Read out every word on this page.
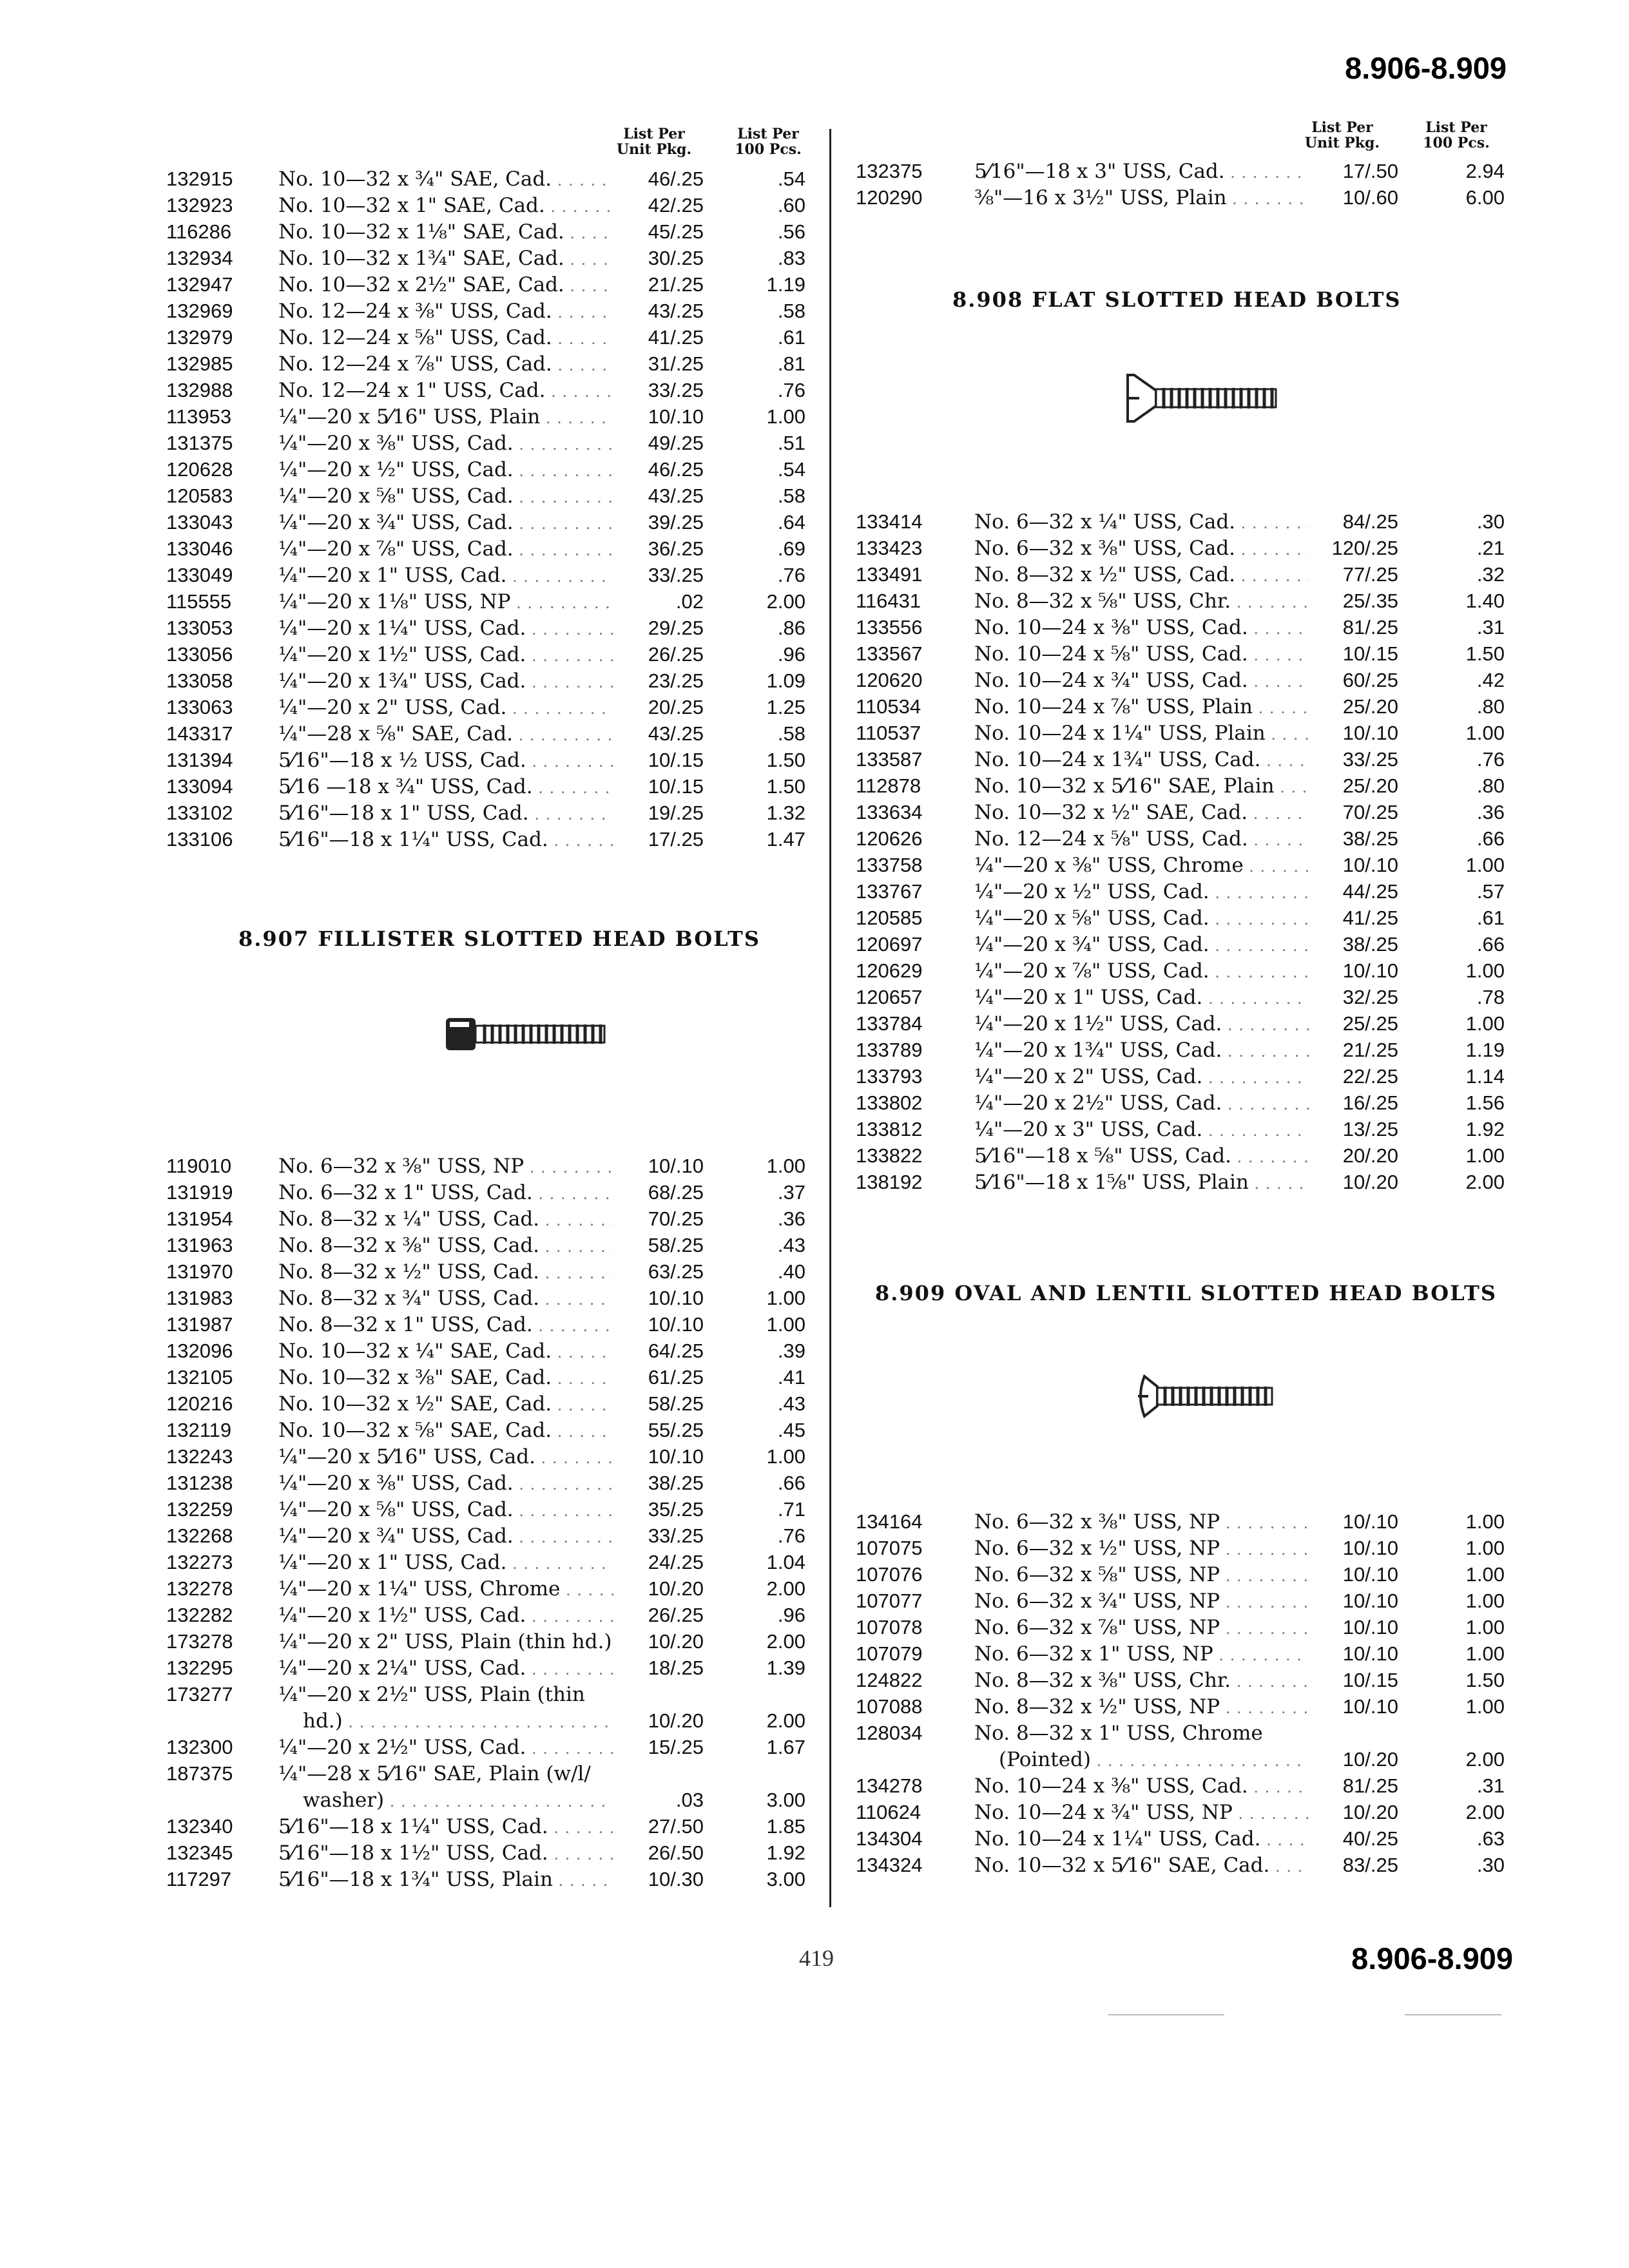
8.906-8.909
List Per
Unit Pkg.
List Per
100 Pcs.
List Per
Unit Pkg.
List Per
100 Pcs.
132915 No. 10—32 x ¾" SAE, Cad. . . .	46/.25	.54
132923 No. 10—32 x 1" SAE, Cad. . . .	42/.25	.60
116286 No. 10—32 x 1⅛" SAE, Cad. . . .	45/.25	.56
132934 No. 10—32 x 1¾" SAE, Cad. . . .	30/.25	.83
132947 No. 10—32 x 2½" SAE, Cad. . . .	21/.25	1.19
132969 No. 12—24 x ⅜" USS, Cad. . . .	43/.25	.58
132979 No. 12—24 x ⅝" USS, Cad. . . .	41/.25	.61
132985 No. 12—24 x ⅞" USS, Cad. . . .	31/.25	.81
132988 No. 12—24 x 1" USS, Cad. . . .	33/.25	.76
113953 ¼"—20 x 5⁄16" USS, Plain . . .	10/.10	1.00
131375 ¼"—20 x ⅜" USS, Cad. . . .	49/.25	.51
120628 ¼"—20 x ½" USS, Cad. . . .	46/.25	.54
120583 ¼"—20 x ⅝" USS, Cad. . . .	43/.25	.58
133043 ¼"—20 x ¾" USS, Cad. . . .	39/.25	.64
133046 ¼"—20 x ⅞" USS, Cad. . . .	36/.25	.69
133049 ¼"—20 x 1" USS, Cad. . . .	33/.25	.76
115555 ¼"—20 x 1⅛" USS, NP . . .	.02	2.00
133053 ¼"—20 x 1¼" USS, Cad. . . .	29/.25	.86
133056 ¼"—20 x 1½" USS, Cad. . . .	26/.25	.96
133058 ¼"—20 x 1¾" USS, Cad. . . .	23/.25	1.09
133063 ¼"—20 x 2" USS, Cad. . . .	20/.25	1.25
143317 ¼"—28 x ⅝" SAE, Cad. . . .	43/.25	.58
131394 5⁄16"—18 x ½ USS, Cad. . . .	10/.15	1.50
133094 5⁄16 —18 x ¾" USS, Cad. . . .	10/.15	1.50
133102 5⁄16"—18 x 1" USS, Cad. . . .	19/.25	1.32
133106 5⁄16"—18 x 1¼" USS, Cad. . . .	17/.25	1.47
119010 No. 6—32 x ⅜" USS, NP . . .	10/.10	1.00
131919 No. 6—32 x 1" USS, Cad. . . .	68/.25	.37
131954 No. 8—32 x ¼" USS, Cad. . . .	70/.25	.36
131963 No. 8—32 x ⅜" USS, Cad. . . .	58/.25	.43
131970 No. 8—32 x ½" USS, Cad. . . .	63/.25	.40
131983 No. 8—32 x ¾" USS, Cad. . . .	10/.10	1.00
131987 No. 8—32 x 1" USS, Cad. . . .	10/.10	1.00
132096 No. 10—32 x ¼" SAE, Cad. . . .	64/.25	.39
132105 No. 10—32 x ⅜" SAE, Cad. . . .	61/.25	.41
120216 No. 10—32 x ½" SAE, Cad. . . .	58/.25	.43
132119 No. 10—32 x ⅝" SAE, Cad. . . .	55/.25	.45
132243 ¼"—20 x 5⁄16" USS, Cad. . . .	10/.10	1.00
131238 ¼"—20 x ⅜" USS, Cad. . . .	38/.25	.66
132259 ¼"—20 x ⅝" USS, Cad. . . .	35/.25	.71
132268 ¼"—20 x ¾" USS, Cad. . . .	33/.25	.76
132273 ¼"—20 x 1" USS, Cad. . . .	24/.25	1.04
132278 ¼"—20 x 1¼" USS, Chrome . . .	10/.20	2.00
132282 ¼"—20 x 1½" USS, Cad. . . .	26/.25	.96
173278 ¼"—20 x 2" USS, Plain (thin hd.) . . . 10/.20	2.00
132295 ¼"—20 x 2¼" USS, Cad. . . .	18/.25	1.39
173277 ¼"—20 x 2½" USS, Plain (thin
hd.) . . .	10/.20	2.00
132300 ¼"—20 x 2½" USS, Cad. . . .	15/.25	1.67
187375 ¼"—28 x 5⁄16" SAE, Plain (w/l/
washer) . . .	.03	3.00
132340 5⁄16"—18 x 1¼" USS, Cad. . . .	27/.50	1.85
132345 5⁄16"—18 x 1½" USS, Cad. . . .	26/.50	1.92
117297 5⁄16"—18 x 1¾" USS, Plain . . .	10/.30	3.00
132375	5⁄16"—18 x 3" USS, Cad. . . .	17/.50	2.94
120290	⅜"—16 x 3½" USS, Plain . . .	10/.60	6.00
133414	No. 6—32 x ¼" USS, Cad. . . .	84/.25	.30
133423	No. 6—32 x ⅜" USS, Cad. . . .	120/.25	.21
133491	No. 8—32 x ½" USS, Cad. . . .	77/.25	.32
116431	No. 8—32 x ⅝" USS, Chr. . . .	25/.35	1.40
133556	No. 10—24 x ⅜" USS, Cad. . . .	81/.25	.31
133567	No. 10—24 x ⅝" USS, Cad. . . .	10/.15	1.50
120620	No. 10—24 x ¾" USS, Cad. . . .	60/.25	.42
110534	No. 10—24 x ⅞" USS, Plain . . .	25/.20	.80
110537	No. 10—24 x 1¼" USS, Plain . . .	10/.10	1.00
133587	No. 10—24 x 1¾" USS, Cad. . . .	33/.25	.76
112878	No. 10—32 x 5⁄16" SAE, Plain . . .	25/.20	.80
133634	No. 10—32 x ½" SAE, Cad. . . .	70/.25	.36
120626	No. 12—24 x ⅝" USS, Cad. . . .	38/.25	.66
133758	¼"—20 x ⅜" USS, Chrome . . .	10/.10	1.00
133767	¼"—20 x ½" USS, Cad. . . .	44/.25	.57
120585	¼"—20 x ⅝" USS, Cad. . . .	41/.25	.61
120697	¼"—20 x ¾" USS, Cad. . . .	38/.25	.66
120629	¼"—20 x ⅞" USS, Cad. . . .	10/.10	1.00
120657	¼"—20 x 1" USS, Cad. . . .	32/.25	.78
133784	¼"—20 x 1½" USS, Cad. . . .	25/.25	1.00
133789	¼"—20 x 1¾" USS, Cad. . . .	21/.25	1.19
133793	¼"—20 x 2" USS, Cad. . . .	22/.25	1.14
133802	¼"—20 x 2½" USS, Cad. . . .	16/.25	1.56
133812	¼"—20 x 3" USS, Cad. . . .	13/.25	1.92
133822	5⁄16"—18 x ⅝" USS, Cad. . . .	20/.20	1.00
138192	5⁄16"—18 x 1⅝" USS, Plain . . .	10/.20	2.00
134164	No. 6—32 x ⅜" USS, NP . . .	10/.10	1.00
107075	No. 6—32 x ½" USS, NP . . .	10/.10	1.00
107076	No. 6—32 x ⅝" USS, NP . . .	10/.10	1.00
107077	No. 6—32 x ¾" USS, NP . . .	10/.10	1.00
107078	No. 6—32 x ⅞" USS, NP . . .	10/.10	1.00
107079	No. 6—32 x 1" USS, NP . . .	10/.10	1.00
124822	No. 8—32 x ⅜" USS, Chr. . . .	10/.15	1.50
107088	No. 8—32 x ½" USS, NP . . .	10/.10	1.00
128034	No. 8—32 x 1" USS, Chrome
(Pointed) . . .	10/.20	2.00
134278	No. 10—24 x ⅜" USS, Cad. . . .	81/.25	.31
110624	No. 10—24 x ¾" USS, NP . . .	10/.20	2.00
134304	No. 10—24 x 1¼" USS, Cad. . . .	40/.25	.63
134324	No. 10—32 x 5⁄16" SAE, Cad. . . .	83/.25	.30
8.907 FILLISTER SLOTTED HEAD BOLTS
8.908 FLAT SLOTTED HEAD BOLTS
8.909 OVAL AND LENTIL SLOTTED HEAD BOLTS
419	8.906-8.909
